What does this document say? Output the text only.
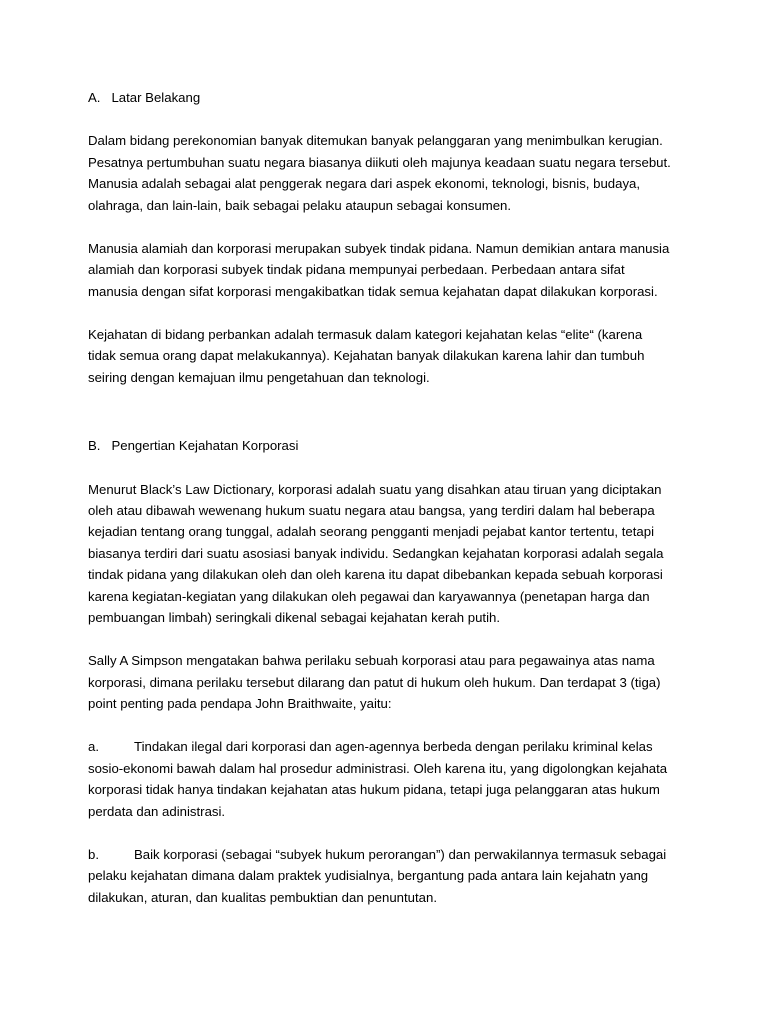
A.   Latar Belakang

Dalam bidang perekonomian banyak ditemukan banyak pelanggaran yang menimbulkan kerugian. Pesatnya pertumbuhan suatu negara biasanya diikuti oleh majunya keadaan suatu negara tersebut. Manusia adalah sebagai alat penggerak negara dari aspek ekonomi, teknologi, bisnis, budaya, olahraga, dan lain-lain, baik sebagai pelaku ataupun sebagai konsumen.

Manusia alamiah dan korporasi merupakan subyek tindak pidana. Namun demikian antara manusia alamiah dan korporasi subyek tindak pidana mempunyai perbedaan. Perbedaan antara sifat manusia dengan sifat korporasi mengakibatkan tidak semua kejahatan dapat dilakukan korporasi.

Kejahatan di bidang perbankan adalah termasuk dalam kategori kejahatan kelas “elite“ (karena tidak semua orang dapat melakukannya). Kejahatan banyak dilakukan karena lahir dan tumbuh seiring dengan kemajuan ilmu pengetahuan dan teknologi.

B.   Pengertian Kejahatan Korporasi

Menurut Black’s Law Dictionary, korporasi adalah suatu yang disahkan atau tiruan yang diciptakan oleh atau dibawah wewenang hukum suatu negara atau bangsa, yang terdiri dalam hal beberapa kejadian tentang orang tunggal, adalah seorang pengganti menjadi pejabat kantor tertentu, tetapi biasanya terdiri dari suatu asosiasi banyak individu. Sedangkan kejahatan korporasi adalah segala tindak pidana yang dilakukan oleh dan oleh karena itu dapat dibebankan kepada sebuah korporasi karena kegiatan-kegiatan yang dilakukan oleh pegawai dan karyawannya (penetapan harga dan pembuangan limbah) seringkali dikenal sebagai kejahatan kerah putih.

Sally A Simpson mengatakan bahwa perilaku sebuah korporasi atau para pegawainya atas nama korporasi, dimana perilaku tersebut dilarang dan patut di hukum oleh hukum. Dan terdapat 3 (tiga) point penting pada pendapa John Braithwaite, yaitu:

a.	Tindakan ilegal dari korporasi dan agen-agennya berbeda dengan perilaku kriminal kelas sosio-ekonomi bawah dalam hal prosedur administrasi. Oleh karena itu, yang digolongkan kejahata korporasi tidak hanya tindakan kejahatan atas hukum pidana, tetapi juga pelanggaran atas hukum perdata dan adinistrasi.

b.	Baik korporasi (sebagai “subyek hukum perorangan”) dan perwakilannya termasuk sebagai pelaku kejahatan dimana dalam praktek yudisialnya, bergantung pada antara lain kejahatn yang dilakukan, aturan, dan kualitas pembuktian dan penuntutan.
